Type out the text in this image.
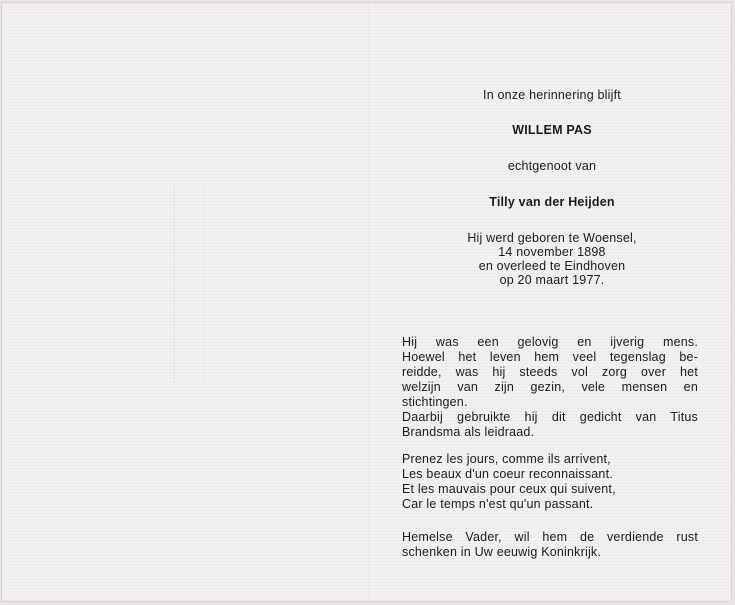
In onze herinnering blijft
WILLEM PAS
echtgenoot van
Tilly van der Heijden
Hij werd geboren te Woensel,
14 november 1898
en overleed te Eindhoven
op 20 maart 1977.
Hij was een gelovig en ijverig mens.
Hoewel het leven hem veel tegenslag be-
reidde, was hij steeds vol zorg over het
welzijn van zijn gezin, vele mensen en
stichtingen.
Daarbij gebruikte hij dit gedicht van Titus
Brandsma als leidraad.
Prenez les jours, comme ils arrivent,
Les beaux d'un coeur reconnaissant.
Et les mauvais pour ceux qui suivent,
Car le temps n'est qu'un passant.
Hemelse Vader, wil hem de verdiende rust
schenken in Uw eeuwig Koninkrijk.
